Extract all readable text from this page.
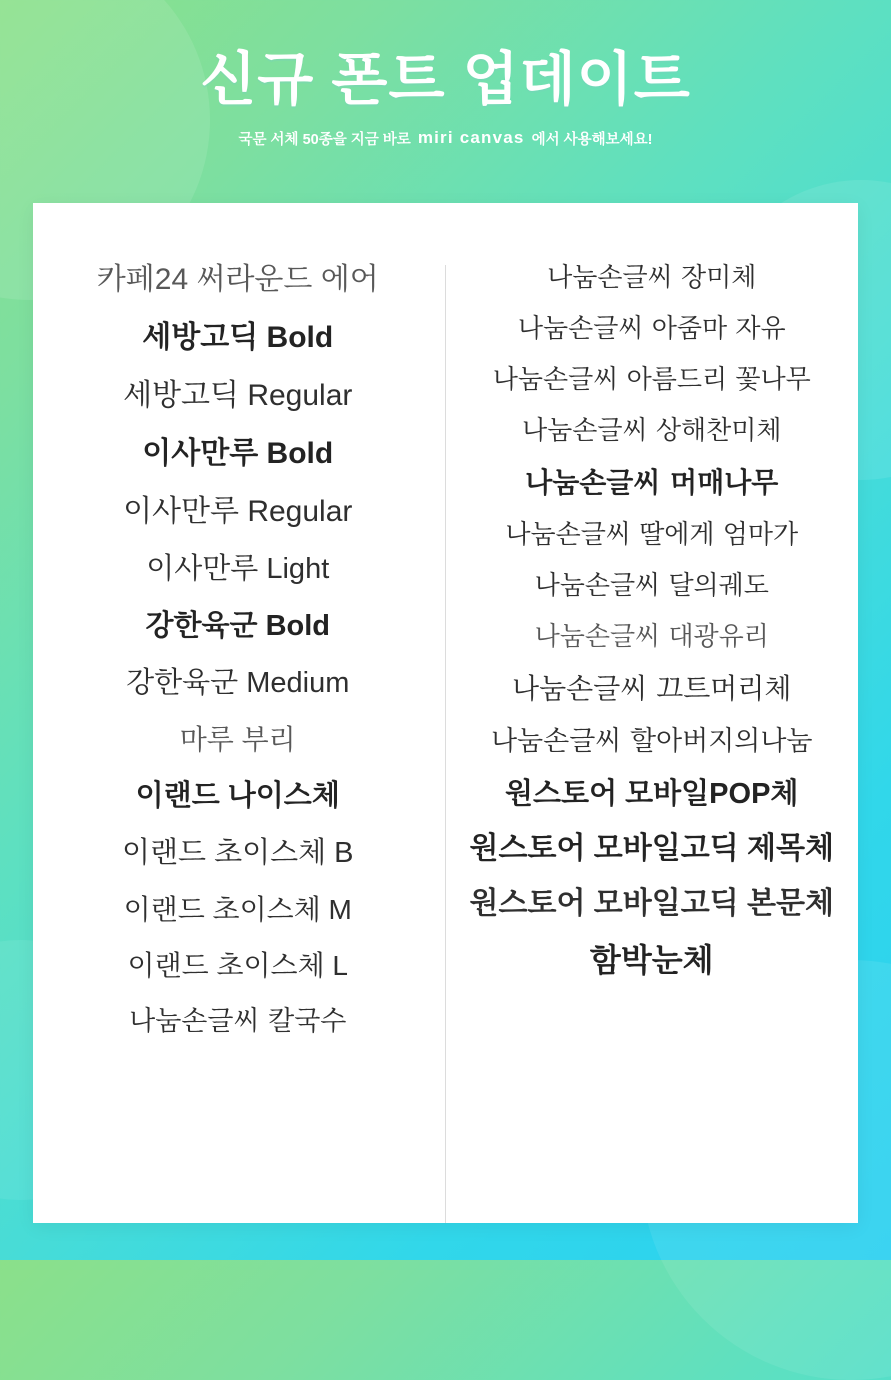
신규 폰트 업데이트
국문 서체 50종을 지금 바로 miri canvas 에서 사용해보세요!
카페24 써라운드 에어
세방고딕 Bold
세방고딕 Regular
이사만루 Bold
이사만루 Regular
이사만루 Light
강한육군 Bold
강한육군 Medium
마루 부리
이랜드 나이스체
이랜드 초이스체 B
이랜드 초이스체 M
이랜드 초이스체 L
나눔손글씨 칼국수
나눔손글씨 장미체
나눔손글씨 아줌마 자유
나눔손글씨 아름드리 꽃나무
나눔손글씨 상해찬미체
나눔손글씨 머매나무
나눔손글씨 딸에게 엄마가
나눔손글씨 달의궤도
나눔손글씨 대광유리
나눔손글씨 끄트머리체
나눔손글씨 할아버지의나눔
원스토어 모바일POP체
원스토어 모바일고딕 제목체
원스토어 모바일고딕 본문체
함박눈체
